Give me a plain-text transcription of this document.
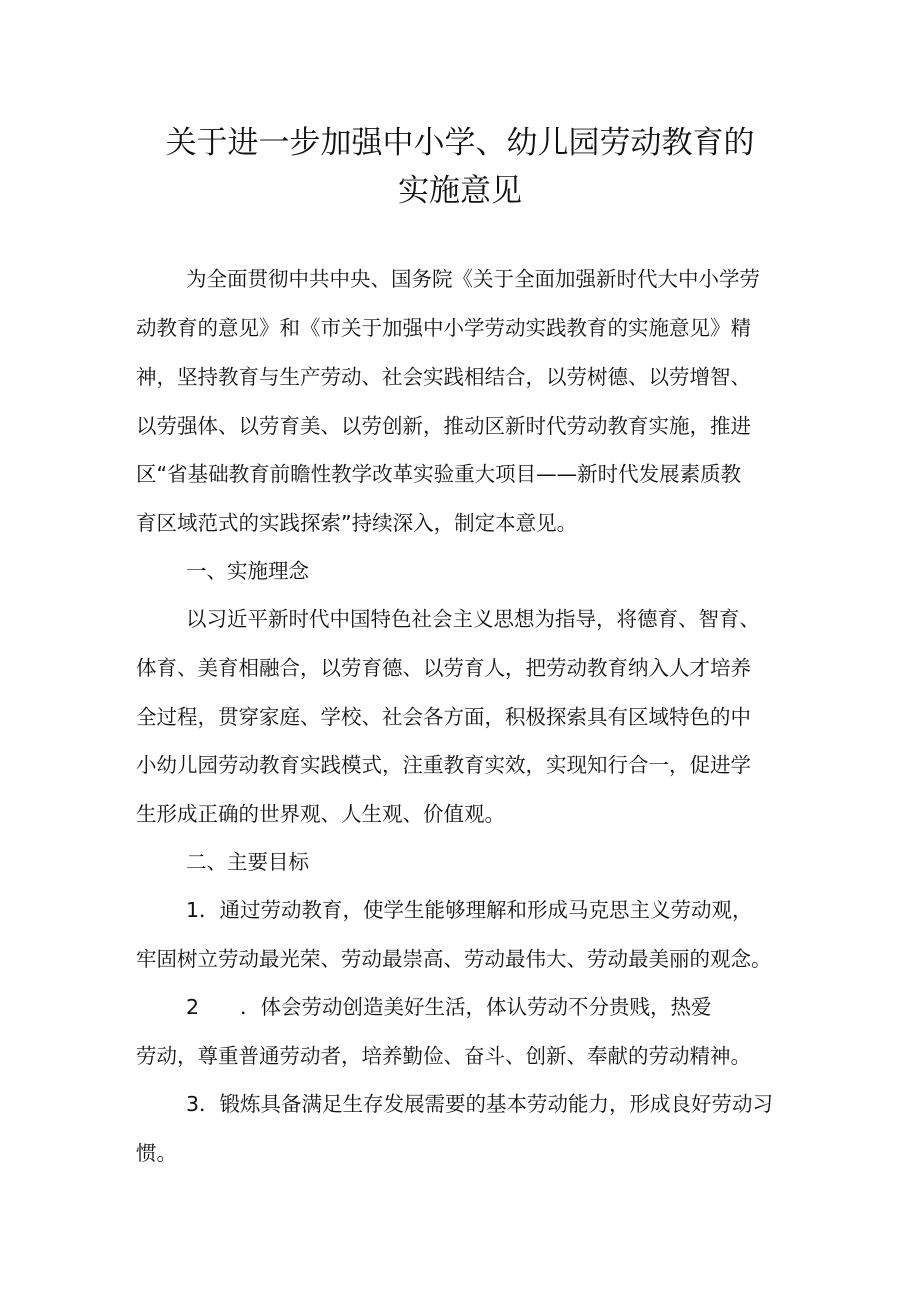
关于进一步加强中小学、幼儿园劳动教育的
实施意见
为全面贯彻中共中央、国务院《关于全面加强新时代大中小学劳
动教育的意见》和《市关于加强中小学劳动实践教育的实施意见》精
神，坚持教育与生产劳动、社会实践相结合，以劳树德、以劳增智、
以劳强体、以劳育美、以劳创新，推动区新时代劳动教育实施，推进
区“省基础教育前瞻性教学改革实验重大项目——新时代发展素质教
育区域范式的实践探索”持续深入，制定本意见。
一、实施理念
以习近平新时代中国特色社会主义思想为指导，将德育、智育、
体育、美育相融合，以劳育德、以劳育人，把劳动教育纳入人才培养
全过程，贯穿家庭、学校、社会各方面，积极探索具有区域特色的中
小幼儿园劳动教育实践模式，注重教育实效，实现知行合一，促进学
生形成正确的世界观、人生观、价值观。
二、主要目标
1．通过劳动教育，使学生能够理解和形成马克思主义劳动观，
牢固树立劳动最光荣、劳动最崇高、劳动最伟大、劳动最美丽的观念。
2　　．体会劳动创造美好生活，体认劳动不分贵贱，热爱
劳动，尊重普通劳动者，培养勤俭、奋斗、创新、奉献的劳动精神。
3．锻炼具备满足生存发展需要的基本劳动能力，形成良好劳动习
惯。
